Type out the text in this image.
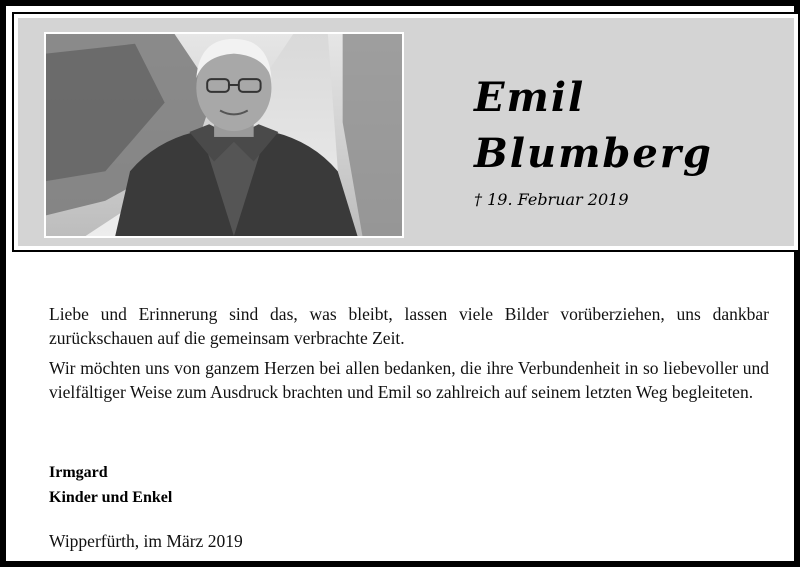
Emil
Blumberg

† 19. Februar 2019

Liebe und Erinnerung sind das, was bleibt, lassen viele Bilder vorüberziehen, uns dankbar zurückschauen auf die gemeinsam verbrachte Zeit.

Wir möchten uns von ganzem Herzen bei allen bedanken, die ihre Verbundenheit in so liebevoller und vielfältiger Weise zum Ausdruck brachten und Emil so zahlreich auf seinem letzten Weg begleiteten.

Irmgard
Kinder und Enkel
Wipperfürth, im März 2019
